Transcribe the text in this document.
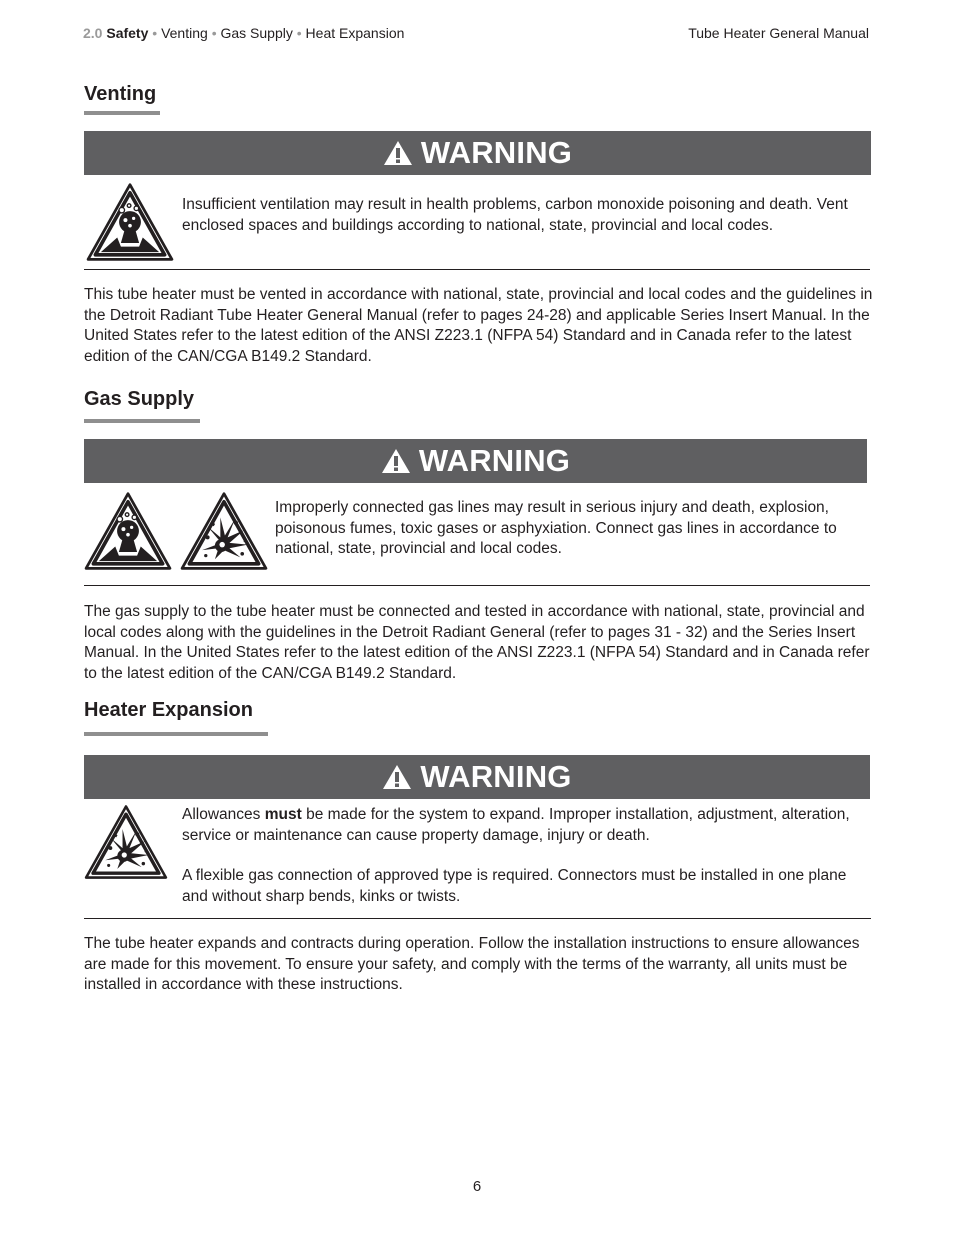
2.0 Safety • Venting • Gas Supply • Heat Expansion	Tube Heater General Manual
Venting
WARNING

Insufficient ventilation may result in health problems, carbon monoxide poisoning and death. Vent enclosed spaces and buildings according to national, state, provincial and local codes.

This tube heater must be vented in accordance with national, state, provincial and local codes and the guidelines in the Detroit Radiant Tube Heater General Manual (refer to pages 24-28) and applicable Series Insert Manual. In the United States refer to the latest edition of the ANSI Z223.1 (NFPA 54) Standard and in Canada refer to the latest edition of the CAN/CGA B149.2 Standard.

Gas Supply
WARNING

Improperly connected gas lines may result in serious injury and death, explosion, poisonous fumes, toxic gases or asphyxiation. Connect gas lines in accordance to national, state, provincial and local codes.

The gas supply to the tube heater must be connected and tested in accordance with national, state, provincial and local codes along with the guidelines in the Detroit Radiant General (refer to pages 31 - 32) and the Series Insert Manual. In the United States refer to the latest edition of the ANSI Z223.1 (NFPA 54) Standard and in Canada refer to the latest edition of the CAN/CGA B149.2 Standard.

Heater Expansion
WARNING

Allowances must be made for the system to expand. Improper installation, adjustment, alteration, service or maintenance can cause property damage, injury or death.

A flexible gas connection of approved type is required. Connectors must be installed in one plane and without sharp bends, kinks or twists.

The tube heater expands and contracts during operation. Follow the installation instructions to ensure allowances are made for this movement. To ensure your safety, and comply with the terms of the warranty, all units must be installed in accordance with these instructions.

6
